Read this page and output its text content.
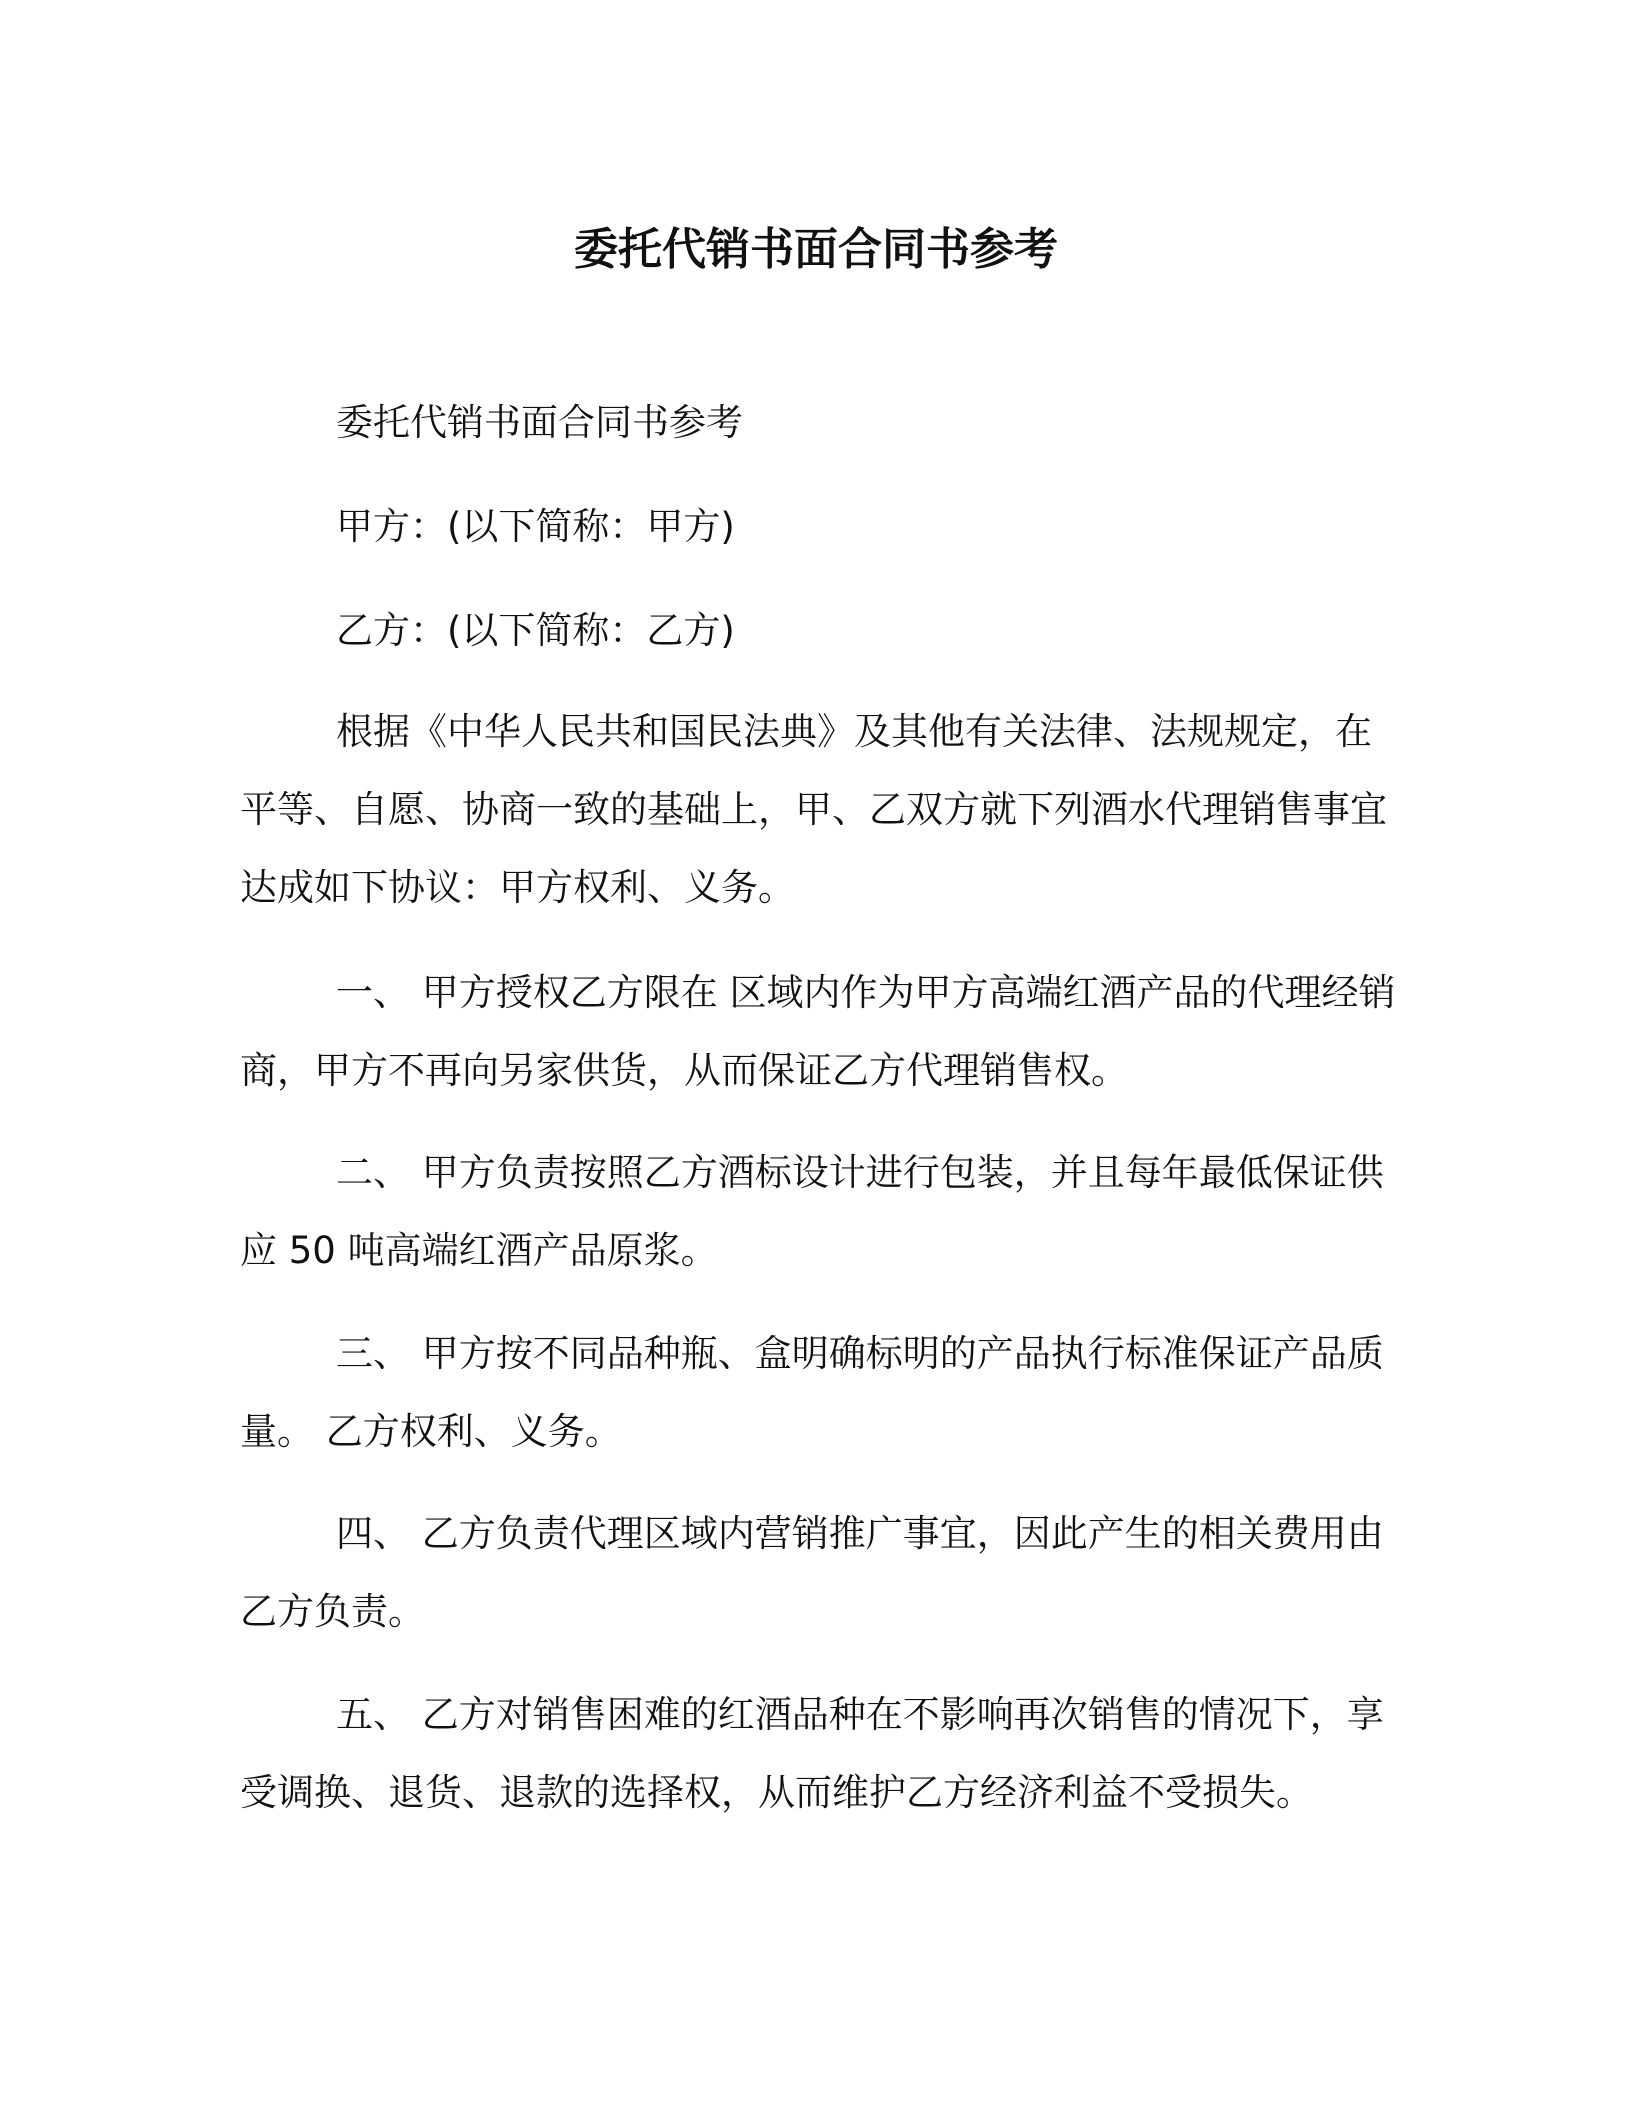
委托代销书面合同书参考
委托代销书面合同书参考
甲方：(以下简称：甲方)
乙方：(以下简称：乙方)
根据《中华人民共和国民法典》及其他有关法律、法规规定，在平等、自愿、协商一致的基础上，甲、乙双方就下列酒水代理销售事宜达成如下协议：甲方权利、义务。
一、 甲方授权乙方限在 区域内作为甲方高端红酒产品的代理经销商，甲方不再向另家供货，从而保证乙方代理销售权。
二、 甲方负责按照乙方酒标设计进行包装，并且每年最低保证供应 50 吨高端红酒产品原浆。
三、 甲方按不同品种瓶、盒明确标明的产品执行标准保证产品质量。 乙方权利、义务。
四、 乙方负责代理区域内营销推广事宜，因此产生的相关费用由乙方负责。
五、 乙方对销售困难的红酒品种在不影响再次销售的情况下，享受调换、退货、退款的选择权，从而维护乙方经济利益不受损失。
